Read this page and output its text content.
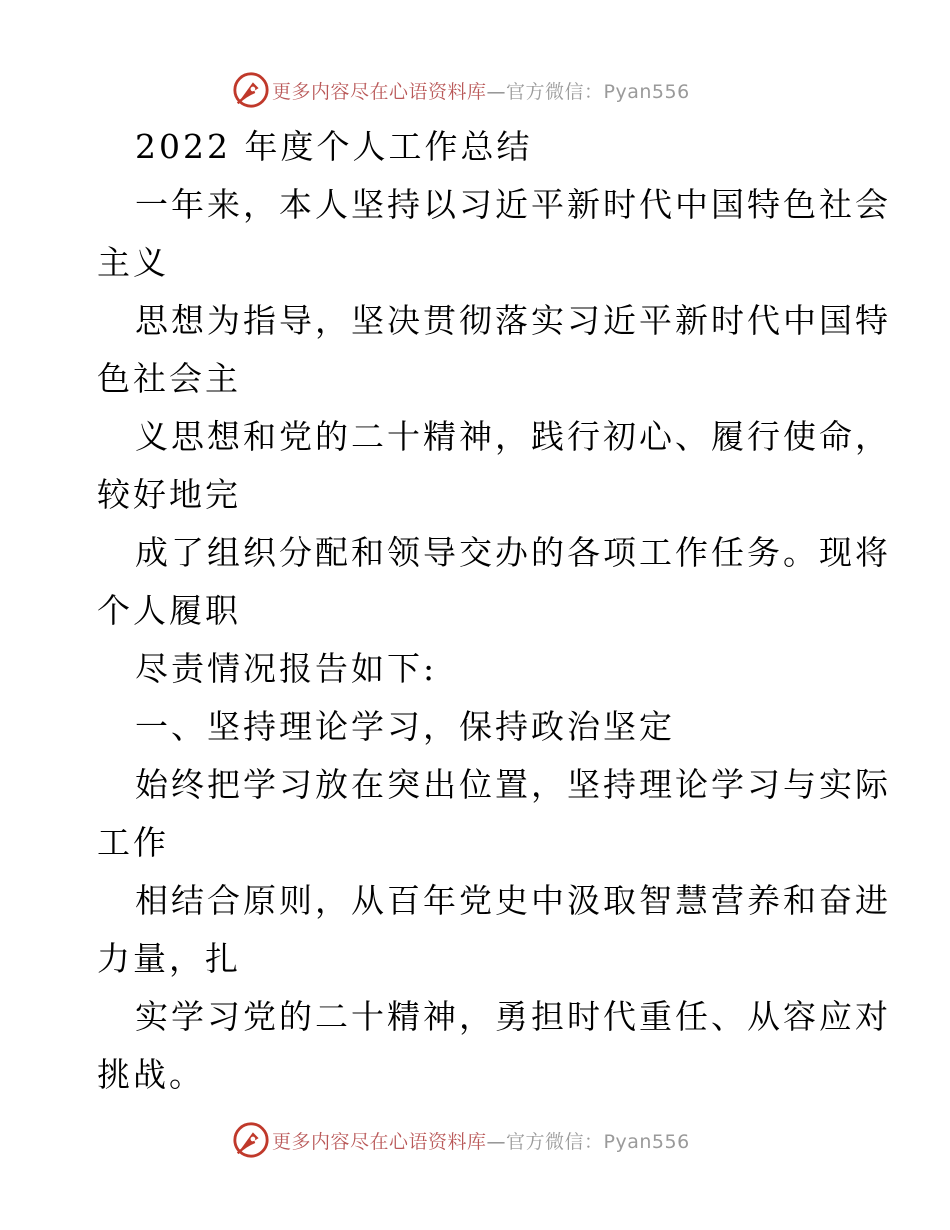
更多内容尽在心语资料库—官方微信：Pyan556
2022 年度个人工作总结
一年来，本人坚持以习近平新时代中国特色社会
主义
思想为指导，坚决贯彻落实习近平新时代中国特
色社会主
义思想和党的二十精神，践行初心、履行使命，
较好地完
成了组织分配和领导交办的各项工作任务。现将
个人履职
尽责情况报告如下:
一、坚持理论学习，保持政治坚定
始终把学习放在突出位置，坚持理论学习与实际
工作
相结合原则，从百年党史中汲取智慧营养和奋进
力量，扎
实学习党的二十精神，勇担时代重任、从容应对
挑战。
更多内容尽在心语资料库—官方微信：Pyan556
